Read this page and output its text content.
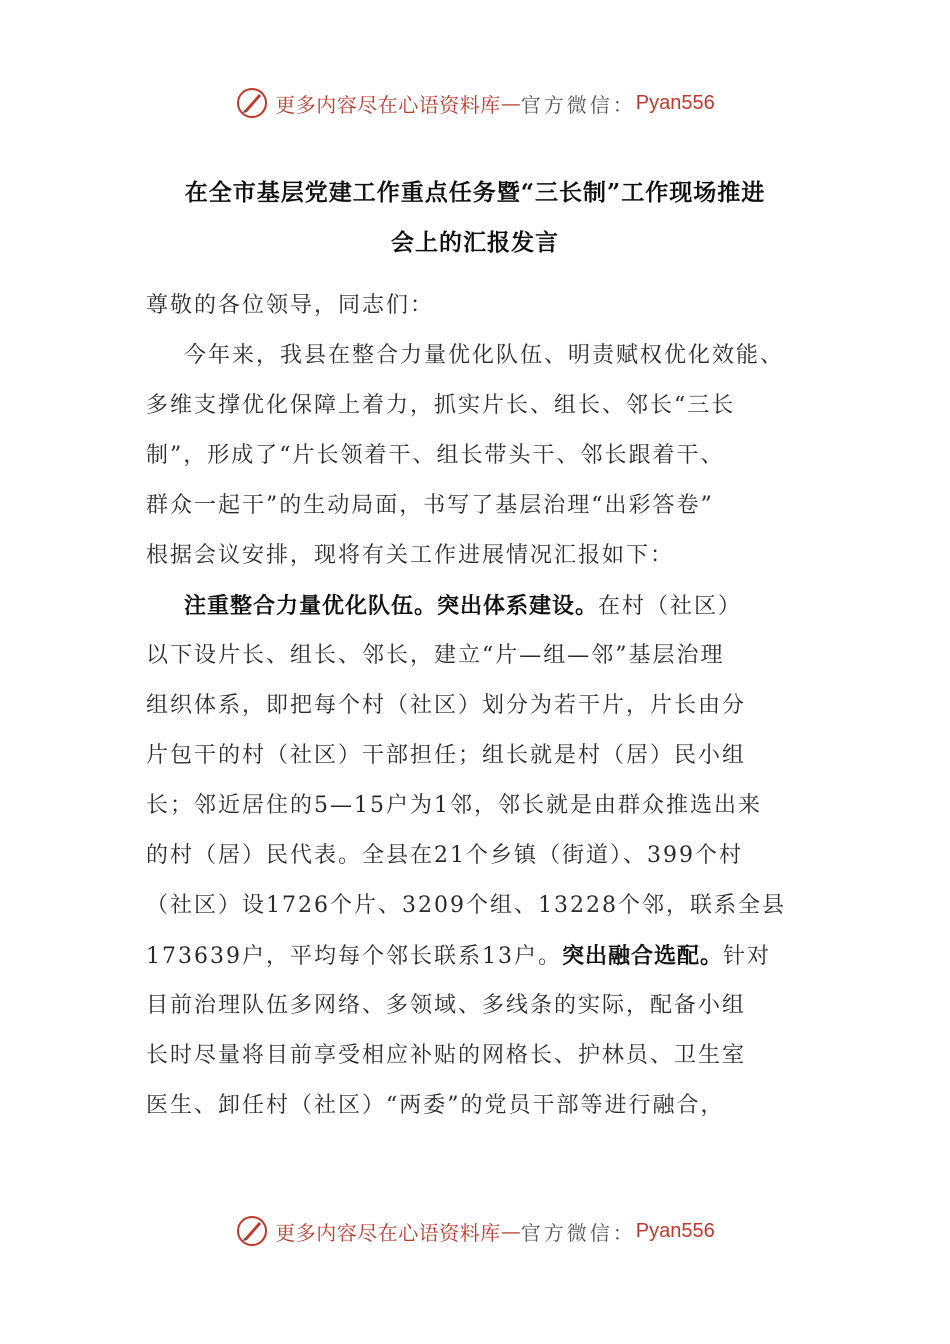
更多内容尽在心语资料库 — 官方微信： Pyan556
在全市基层党建工作重点任务暨“三长制”工作现场推进
会上的汇报发言
尊敬的各位领导，同志们：
今年来，我县在整合力量优化队伍、明责赋权优化效能、
多维支撑优化保障上着力，抓实片长、组长、邻长“三长
制”，形成了“片长领着干、组长带头干、邻长跟着干、
群众一起干”的生动局面，书写了基层治理“出彩答卷”
根据会议安排，现将有关工作进展情况汇报如下：
注重整合力量优化队伍。突出体系建设。在村（社区）
以下设片长、组长、邻长，建立“片—组—邻”基层治理
组织体系，即把每个村（社区）划分为若干片，片长由分
片包干的村（社区）干部担任；组长就是村（居）民小组
长；邻近居住的5—15户为1邻，邻长就是由群众推选出来
的村（居）民代表。全县在21个乡镇（街道）、399个村
（社区）设1726个片、3209个组、13228个邻，联系全县
173639户，平均每个邻长联系13户。突出融合选配。针对
目前治理队伍多网络、多领域、多线条的实际，配备小组
长时尽量将目前享受相应补贴的网格长、护林员、卫生室
医生、卸任村（社区）“两委”的党员干部等进行融合，
更多内容尽在心语资料库 — 官方微信： Pyan556
